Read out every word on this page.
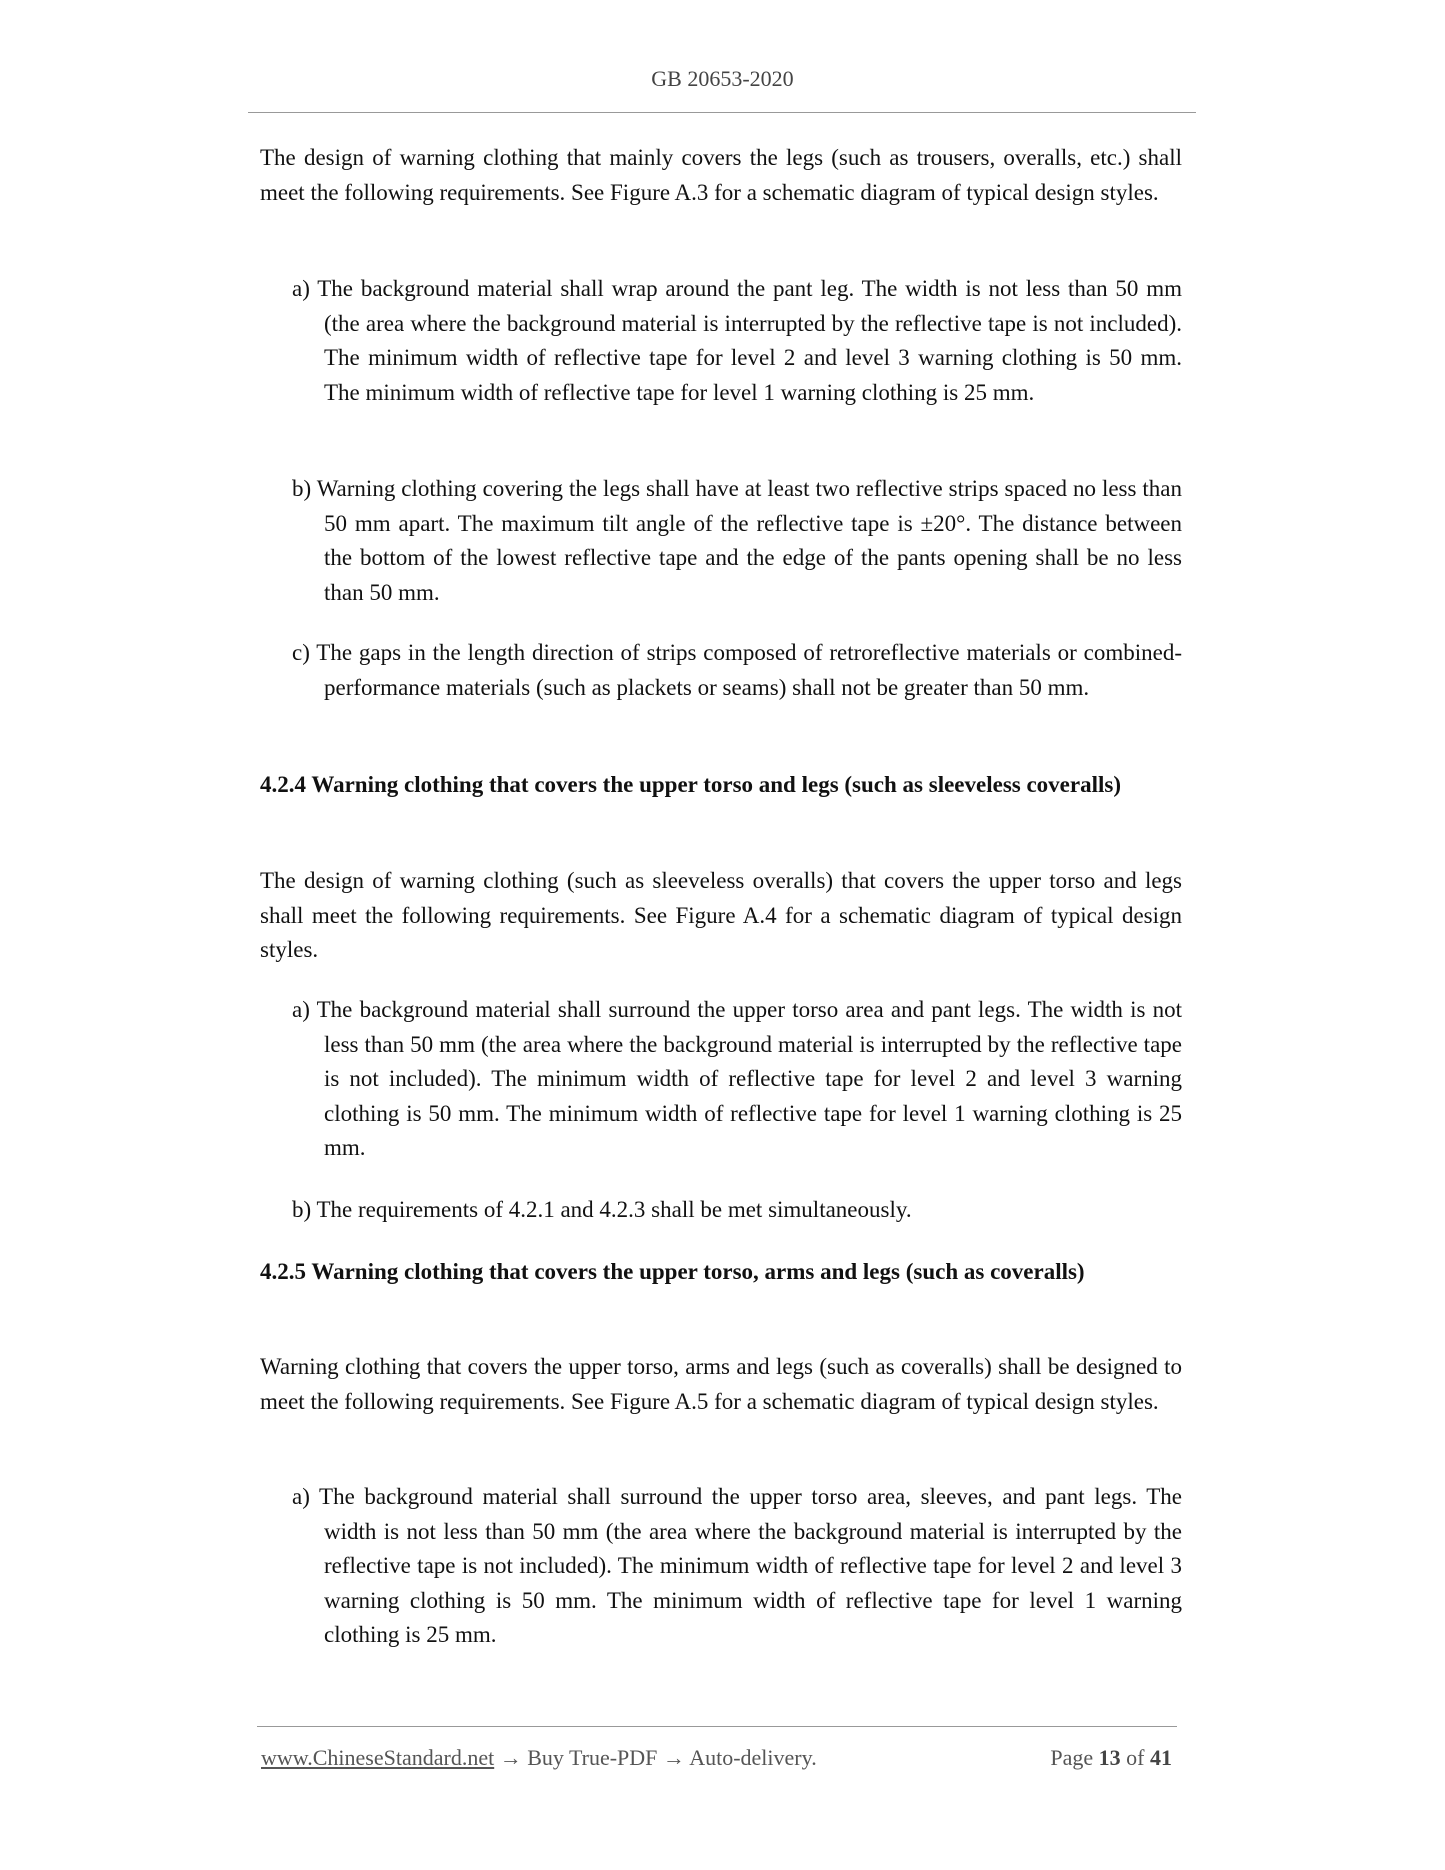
GB 20653-2020
The design of warning clothing that mainly covers the legs (such as trousers, overalls, etc.) shall meet the following requirements. See Figure A.3 for a schematic diagram of typical design styles.
a) The background material shall wrap around the pant leg. The width is not less than 50 mm (the area where the background material is interrupted by the reflective tape is not included). The minimum width of reflective tape for level 2 and level 3 warning clothing is 50 mm. The minimum width of reflective tape for level 1 warning clothing is 25 mm.
b) Warning clothing covering the legs shall have at least two reflective strips spaced no less than 50 mm apart. The maximum tilt angle of the reflective tape is ±20°. The distance between the bottom of the lowest reflective tape and the edge of the pants opening shall be no less than 50 mm.
c) The gaps in the length direction of strips composed of retroreflective materials or combined-performance materials (such as plackets or seams) shall not be greater than 50 mm.
4.2.4 Warning clothing that covers the upper torso and legs (such as sleeveless coveralls)
The design of warning clothing (such as sleeveless overalls) that covers the upper torso and legs shall meet the following requirements. See Figure A.4 for a schematic diagram of typical design styles.
a) The background material shall surround the upper torso area and pant legs. The width is not less than 50 mm (the area where the background material is interrupted by the reflective tape is not included). The minimum width of reflective tape for level 2 and level 3 warning clothing is 50 mm. The minimum width of reflective tape for level 1 warning clothing is 25 mm.
b) The requirements of 4.2.1 and 4.2.3 shall be met simultaneously.
4.2.5 Warning clothing that covers the upper torso, arms and legs (such as coveralls)
Warning clothing that covers the upper torso, arms and legs (such as coveralls) shall be designed to meet the following requirements. See Figure A.5 for a schematic diagram of typical design styles.
a) The background material shall surround the upper torso area, sleeves, and pant legs. The width is not less than 50 mm (the area where the background material is interrupted by the reflective tape is not included). The minimum width of reflective tape for level 2 and level 3 warning clothing is 50 mm. The minimum width of reflective tape for level 1 warning clothing is 25 mm.
www.ChineseStandard.net → Buy True-PDF → Auto-delivery.	Page 13 of 41
